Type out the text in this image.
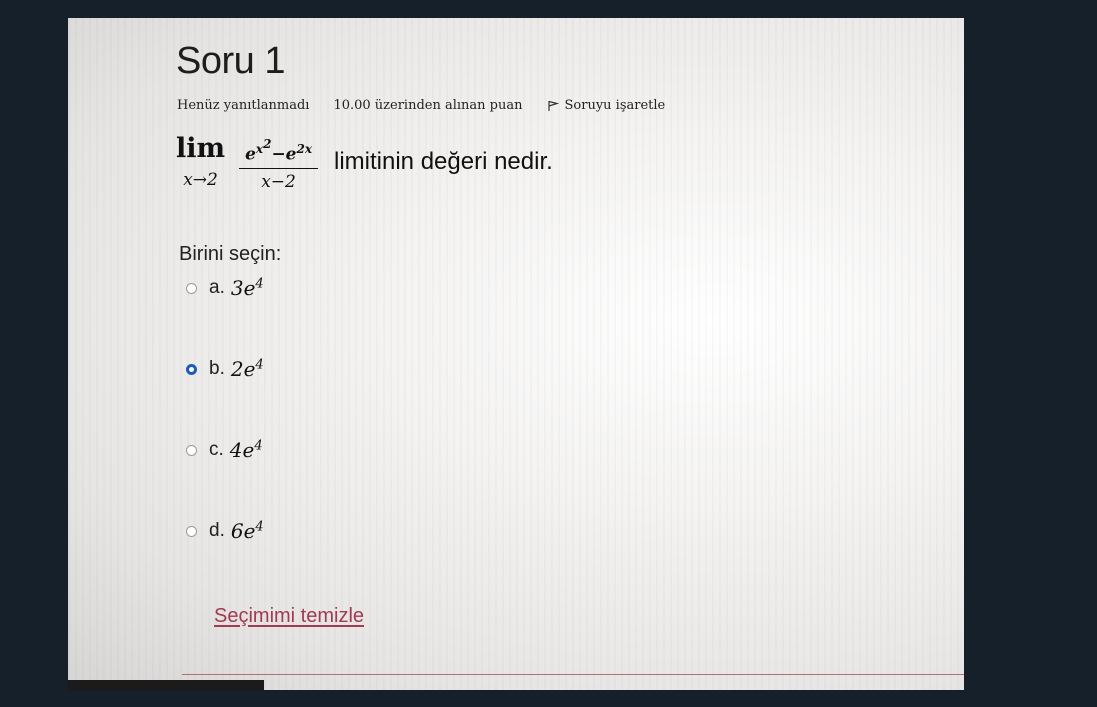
Soru 1
Henüz yanıtlanmadı 10.00 üzerinden alınan puan	Soruyu işaretle
lim
$x\to 2 \frac{e^{x^2}-e^{2x}}{x-2}$ limitinin değeri nedir.
Birini seçin:
a. $3e^4$
b. $2e^4$
c. $4e^4$
d. $6e^4$
Seçimimi temizle
